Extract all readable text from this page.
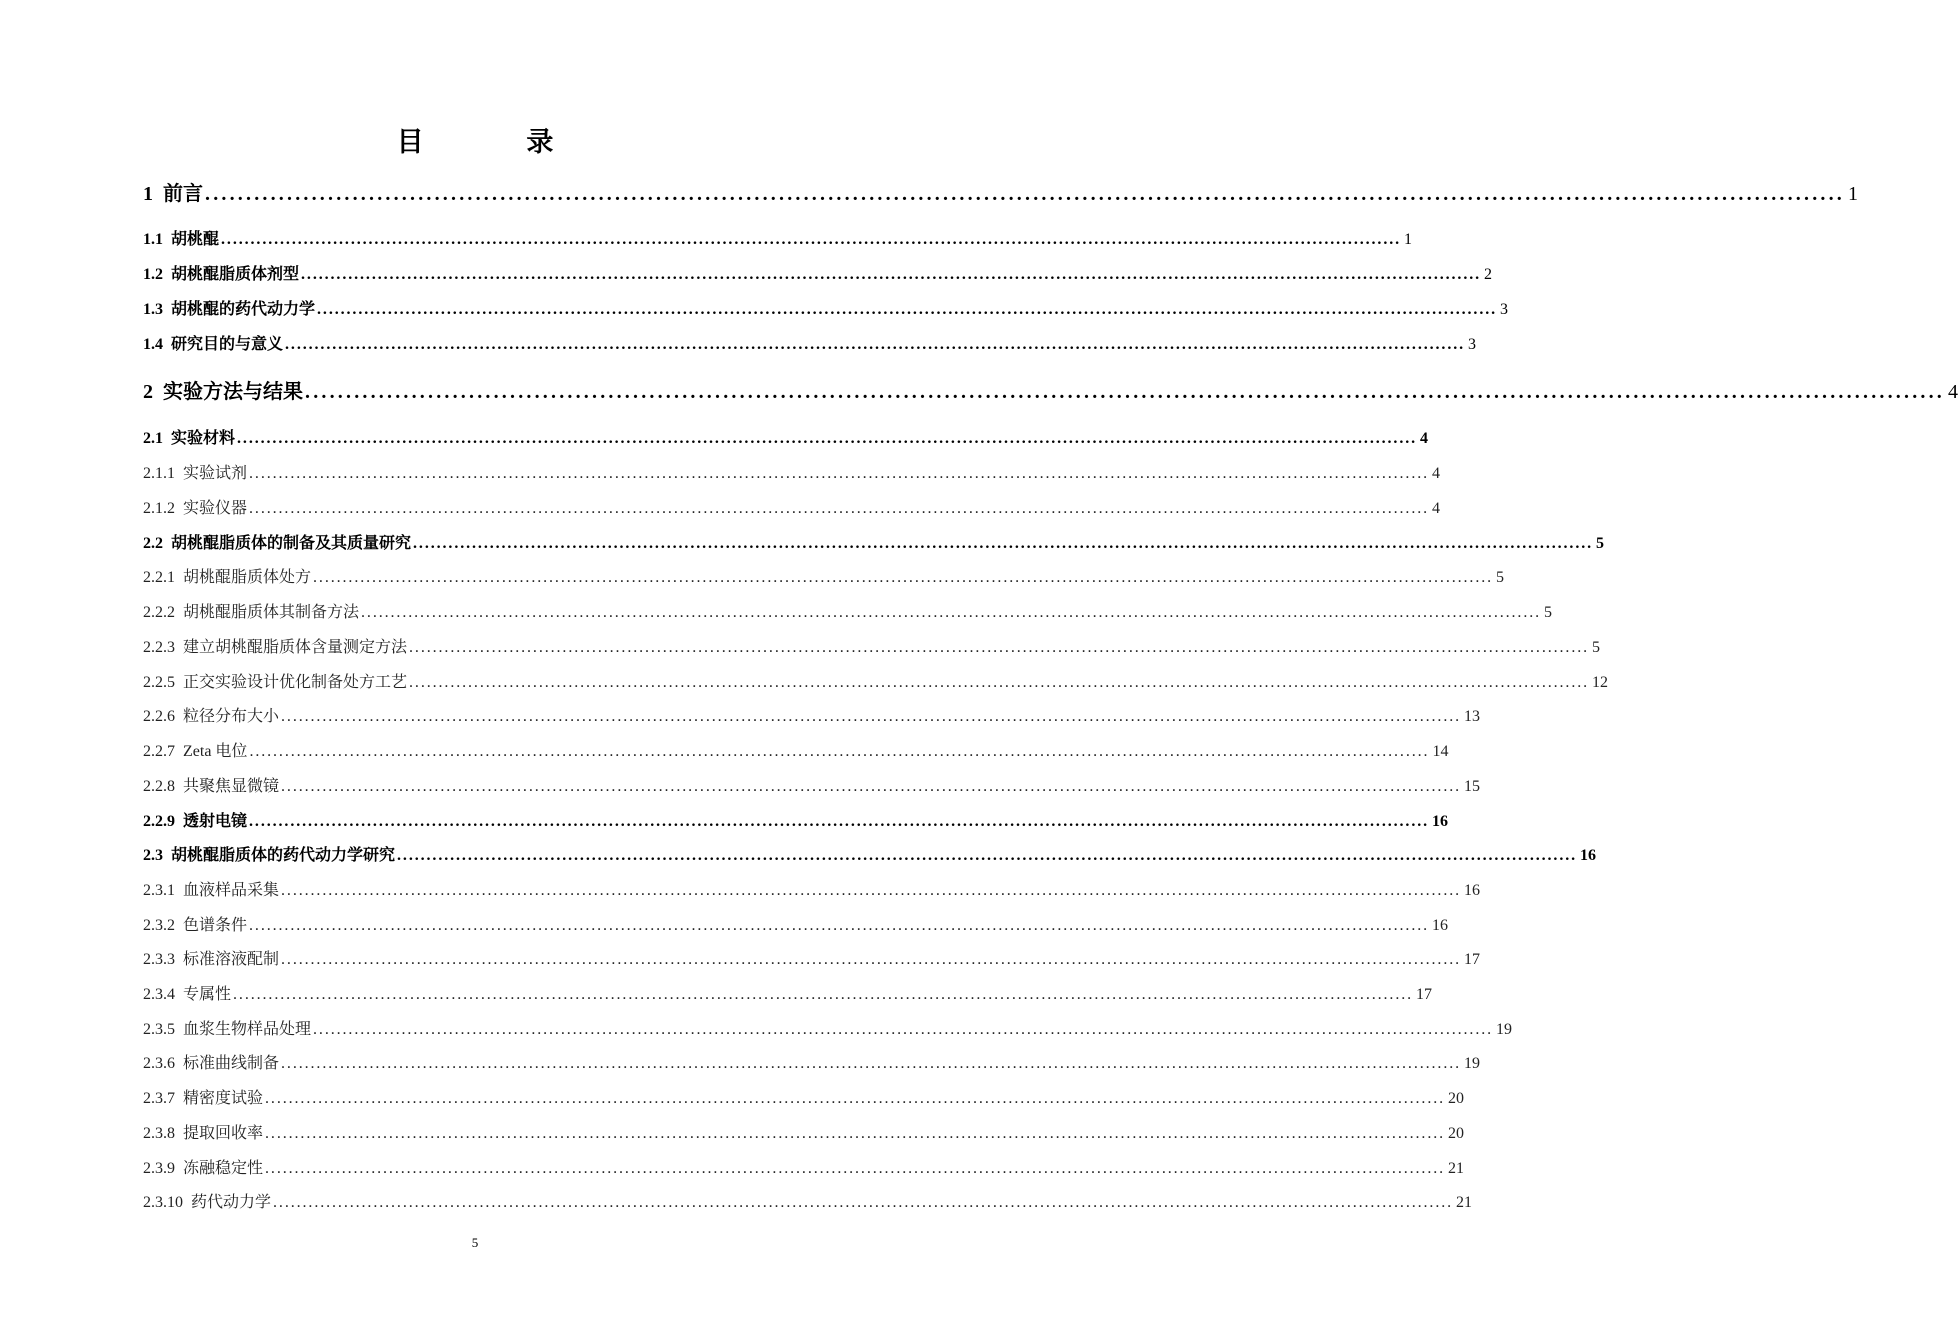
目 录
1  前言 ........................................................................................................................................................................................................ 1
1.1  胡桃醌 ........................................................................................................................................................................................................ 1
1.2  胡桃醌脂质体剂型 ........................................................................................................................................................................................................ 2
1.3  胡桃醌的药代动力学 ........................................................................................................................................................................................................ 3
1.4  研究目的与意义 ........................................................................................................................................................................................................ 3
2  实验方法与结果 ........................................................................................................................................................................................................ 4
2.1  实验材料 ........................................................................................................................................................................................................ 4
2.1.1  实验试剂 ........................................................................................................................................................................................................ 4
2.1.2  实验仪器 ........................................................................................................................................................................................................ 4
2.2  胡桃醌脂质体的制备及其质量研究 ........................................................................................................................................................................................................ 5
2.2.1  胡桃醌脂质体处方 ........................................................................................................................................................................................................ 5
2.2.2  胡桃醌脂质体其制备方法 ........................................................................................................................................................................................................ 5
2.2.3  建立胡桃醌脂质体含量测定方法 ........................................................................................................................................................................................................ 5
2.2.5  正交实验设计优化制备处方工艺 ........................................................................................................................................................................................................ 12
2.2.6  粒径分布大小 ........................................................................................................................................................................................................ 13
2.2.7  Zeta 电位 ........................................................................................................................................................................................................ 14
2.2.8  共聚焦显微镜 ........................................................................................................................................................................................................ 15
2.2.9  透射电镜 ........................................................................................................................................................................................................ 16
2.3  胡桃醌脂质体的药代动力学研究 ........................................................................................................................................................................................................ 16
2.3.1  血液样品采集 ........................................................................................................................................................................................................ 16
2.3.2  色谱条件 ........................................................................................................................................................................................................ 16
2.3.3  标准溶液配制 ........................................................................................................................................................................................................ 17
2.3.4  专属性 ........................................................................................................................................................................................................ 17
2.3.5  血浆生物样品处理 ........................................................................................................................................................................................................ 19
2.3.6  标准曲线制备 ........................................................................................................................................................................................................ 19
2.3.7  精密度试验 ........................................................................................................................................................................................................ 20
2.3.8  提取回收率 ........................................................................................................................................................................................................ 20
2.3.9  冻融稳定性 ........................................................................................................................................................................................................ 21
2.3.10  药代动力学 ........................................................................................................................................................................................................ 21
5
